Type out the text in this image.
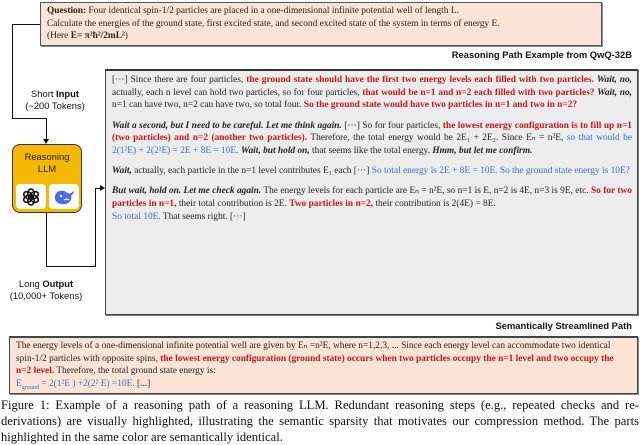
Question: Four identical spin-1/2 particles are placed in a one-dimensional infinite potential well of length L.
Calculate the energies of the ground state, first excited state, and second excited state of the system in terms of energy E.
(Here E= π²ħ²/2mL²)
Reasoning Path Example from QwQ-32B
Short Input
(~200 Tokens)
Reasoning
LLM
Long Output
(10,000+ Tokens)

[···] Since there are four particles, the ground state should have the first two energy levels each filled with two particles. Wait, no, actually, each n level can hold two particles, so for four particles, that would be n=1 and n=2 each filled with two particles? Wait, no, n=1 can have two, n=2 can have two, so total four. So the ground state would have two particles in n=1 and two in n=2?

Wait a second, but I need to be careful. Let me think again. [···] So for four particles, the lowest energy configuration is to fill up n=1 (two particles) and n=2 (another two particles). Therefore, the total energy would be 2E₁ + 2E₂. Since Eₙ = n²E, so that would be 2(1²E) + 2(2²E) = 2E + 8E = 10E. Wait, but hold on, that seems like the total energy. Hmm, but let me confirm.

Wait, actually, each particle in the n=1 level contributes E₁ each [···] So total energy is 2E + 8E = 10E. So the ground state energy is 10E?

But wait, hold on. Let me check again. The energy levels for each particle are Eₙ = n²E, so n=1 is E, n=2 is 4E, n=3 is 9E, etc. So for two particles in n=1, their total contribution is 2E. Two particles in n=2, their contribution is 2(4E) = 8E.
So total 10E. That seems right. [···]

Semantically Streamlined Path
The energy levels of a one-dimensional infinite potential well are given by Eₙ =n²E, where n=1,2,3, ... Since each energy level can accommodate two identical spin-1/2 particles with opposite spins, the lowest energy configuration (ground state) occurs when two particles occupy the n=1 level and two occupy the n=2 level. Therefore, the total ground state energy is:
$E_{ground} = 2(1^2E$ ) +2(2² E) =10E. [...]
Figure 1: Example of a reasoning path of a reasoning LLM. Redundant reasoning steps (e.g., repeated checks and re-derivations) are visually highlighted, illustrating the semantic sparsity that motivates our compression method. The parts highlighted in the same color are semantically identical.
